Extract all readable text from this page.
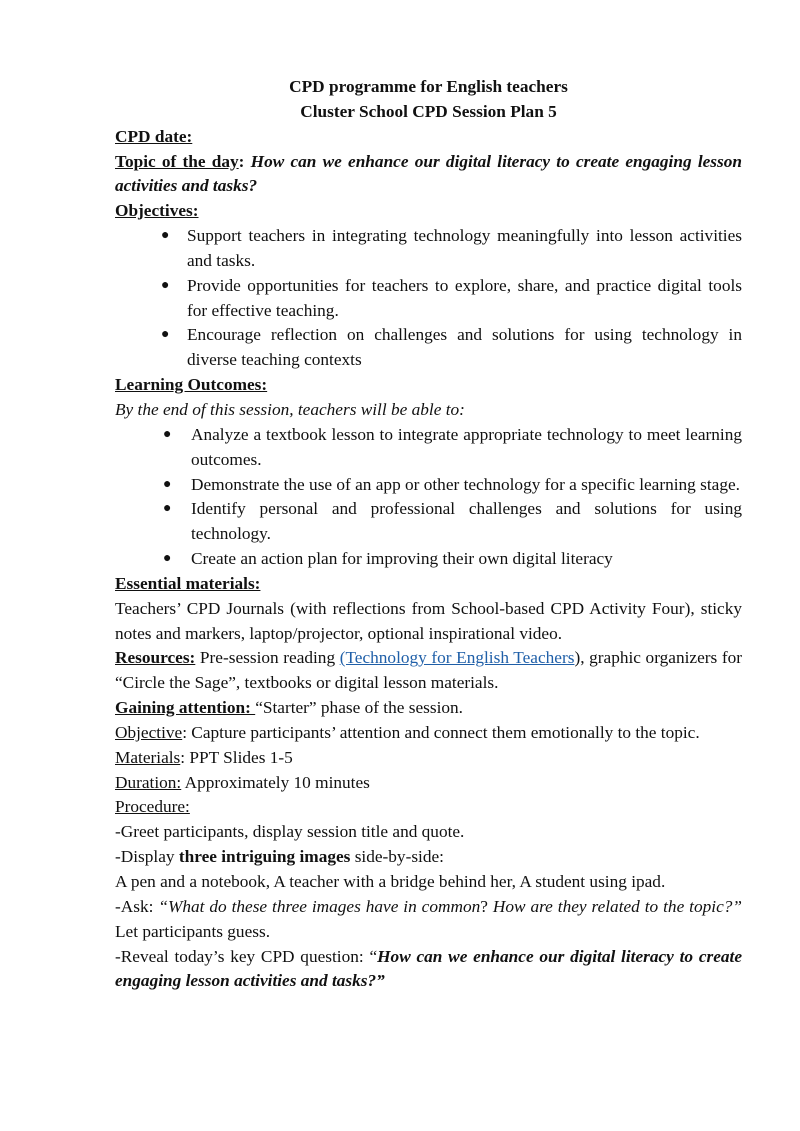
CPD programme for English teachers
Cluster School CPD Session Plan 5
CPD date:
Topic of the day: How can we enhance our digital literacy to create engaging lesson activities and tasks?
Objectives:
● Support teachers in integrating technology meaningfully into lesson activities and tasks.
● Provide opportunities for teachers to explore, share, and practice digital tools for effective teaching.
● Encourage reflection on challenges and solutions for using technology in diverse teaching contexts
Learning Outcomes:
By the end of this session, teachers will be able to:
● Analyze a textbook lesson to integrate appropriate technology to meet learning outcomes.
● Demonstrate the use of an app or other technology for a specific learning stage.
● Identify personal and professional challenges and solutions for using technology.
● Create an action plan for improving their own digital literacy
Essential materials:
Teachers’ CPD Journals (with reflections from School-based CPD Activity Four), sticky notes and markers, laptop/projector, optional inspirational video.
Resources: Pre-session reading (Technology for English Teachers), graphic organizers for “Circle the Sage”, textbooks or digital lesson materials.
Gaining attention: “Starter” phase of the session.
Objective: Capture participants’ attention and connect them emotionally to the topic.
Materials: PPT Slides 1-5
Duration: Approximately 10 minutes
Procedure:
-Greet participants, display session title and quote.
-Display three intriguing images side-by-side:
A pen and a notebook, A teacher with a bridge behind her, A student using ipad.
-Ask: “What do these three images have in common? How are they related to the topic?” Let participants guess.
-Reveal today’s key CPD question: “How can we enhance our digital literacy to create engaging lesson activities and tasks?”
